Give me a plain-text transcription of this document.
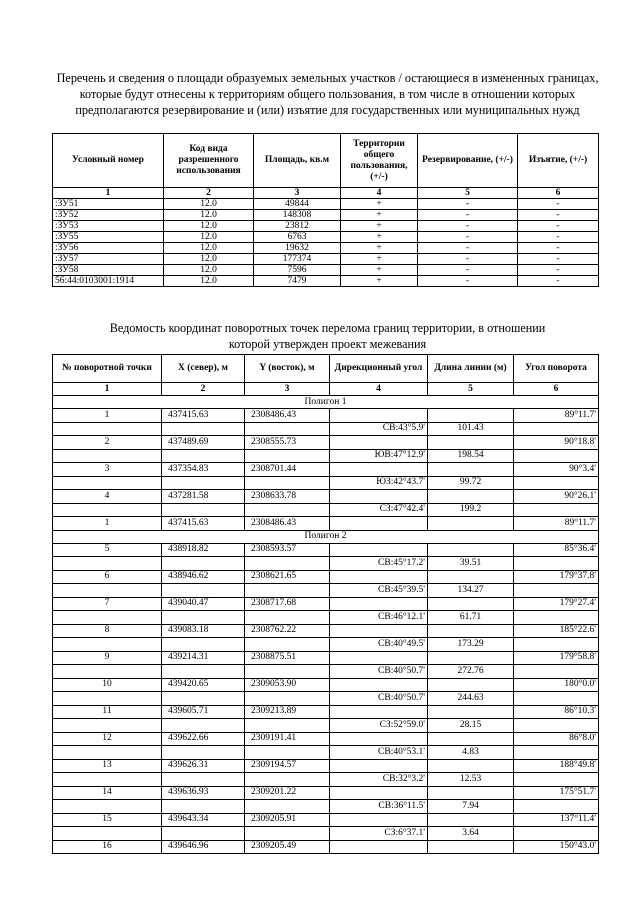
Перечень и сведения о площади образуемых земельных участков / остающиеся в измененных границах, которые будут отнесены к территориям общего пользования, в том числе в отношении которых предполагаются резервирование и (или) изъятие для государственных или муниципальных нужд

Условный номер	Код вида разрешенного использования	Площадь, кв.м	Территории общего пользования, (+/-)	Резервирование, (+/-)	Изъятие, (+/-)
1	2	3	4	5	6
:ЗУ51	12.0	49844	+	-	-
:ЗУ52	12.0	148308	+	-	-
:ЗУ53	12.0	23812	+	-	-
:ЗУ55	12.0	6763	+	-	-
:ЗУ56	12.0	19632	+	-	-
:ЗУ57	12.0	177374	+	-	-
:ЗУ58	12.0	7596	+	-	-
56:44:0103001:1914	12.0	7479	+	-	-

Ведомость координат поворотных точек перелома границ территории, в отношении которой утвержден проект межевания

№ поворотной точки	X (север), м	Y (восток), м	Дирекционный угол	Длина линии (м)	Угол поворота
1	2	3	4	5	6
Полигон 1					
1	437415.63	2308486.43			89°11.7'
			СВ:43°5.9'	101.43	
2	437489.69	2308555.73			90°18.8'
			ЮВ:47°12.9'	198.54	
3	437354.83	2308701.44			90°3.4'
			ЮЗ:42°43.7'	99.72	
4	437281.58	2308633.78			90°26.1'
			СЗ:47°42.4'	199.2	
1	437415.63	2308486.43			89°11.7'
Полигон 2					
5	438918.82	2308593.57			85°36.4'
			СВ:45°17.2'	39.51	
6	438946.62	2308621.65			179°37.8'
			СВ:45°39.5'	134.27	
7	439040.47	2308717.68			179°27.4'
			СВ:46°12.1'	61.71	
8	439083.18	2308762.22			185°22.6'
			СВ:40°49.5'	173.29	
9	439214.31	2308875.51			179°58.8'
			СВ:40°50.7'	272.76	
10	439420.65	2309053.90			180°0.0'
			СВ:40°50.7'	244.63	
11	439605.71	2309213.89			86°10.3'
			СЗ:52°59.0'	28.15	
12	439622.66	2309191.41			86°8.0'
			СВ:40°53.1'	4.83	
13	439626.31	2309194.57			188°49.8'
			СВ:32°3.2'	12.53	
14	439636.93	2309201.22			175°51.7'
			СВ:36°11.5'	7.94	
15	439643.34	2309205.91			137°11.4'
			СЗ:6°37.1'	3.64	
16	439646.96	2309205.49			150°43.0'
